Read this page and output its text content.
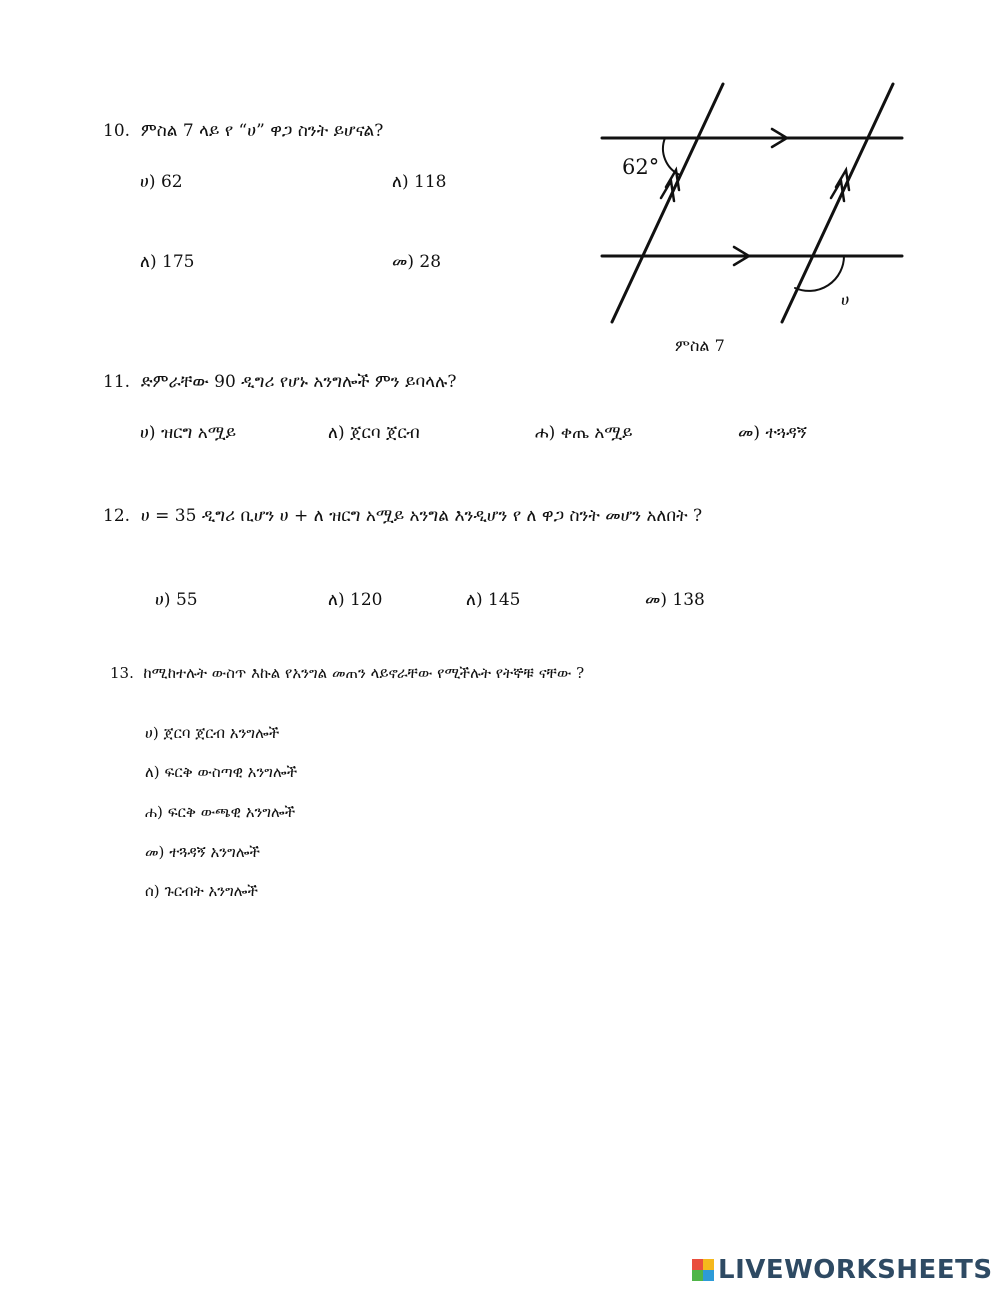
10. ምስል 7 ላይ የ “ሀ” ዋጋ ስንት ይሆናል?
ሀ) 62	ለ) 118
ለ) 175	መ) 28
62°
ሀ
ምስል 7
11. ድምራቸው 90 ዲግሪ የሆኑ አንግሎች ምን ይባላሉ?
ሀ) ዝርግ አሟይ	ለ) ጀርባ ጀርብ	ሐ) ቀጤ አሟይ	መ) ተጓዳኝ
12. ሀ = 35 ዲግሪ ቢሆን ሀ + ለ ዝርግ አሟይ አንግል እንዲሆን የ ለ ዋጋ ስንት መሆን አለበት ?
ሀ) 55	ለ) 120	ለ) 145	መ) 138
13. ከሚከተሉት ውስጥ እኩል የአንግል መጠን ላይኖራቸው የሚችሉት የትኞቹ ናቸው ?
ሀ) ጀርባ ጀርብ አንግሎች
ለ) ፍርቅ ውስጣዊ አንግሎች
ሐ) ፍርቅ ውጫዊ አንግሎች
መ) ተጓዳኝ አንግሎች
ሰ) ጉርብት አንግሎች
LIVEWORKSHEETS
